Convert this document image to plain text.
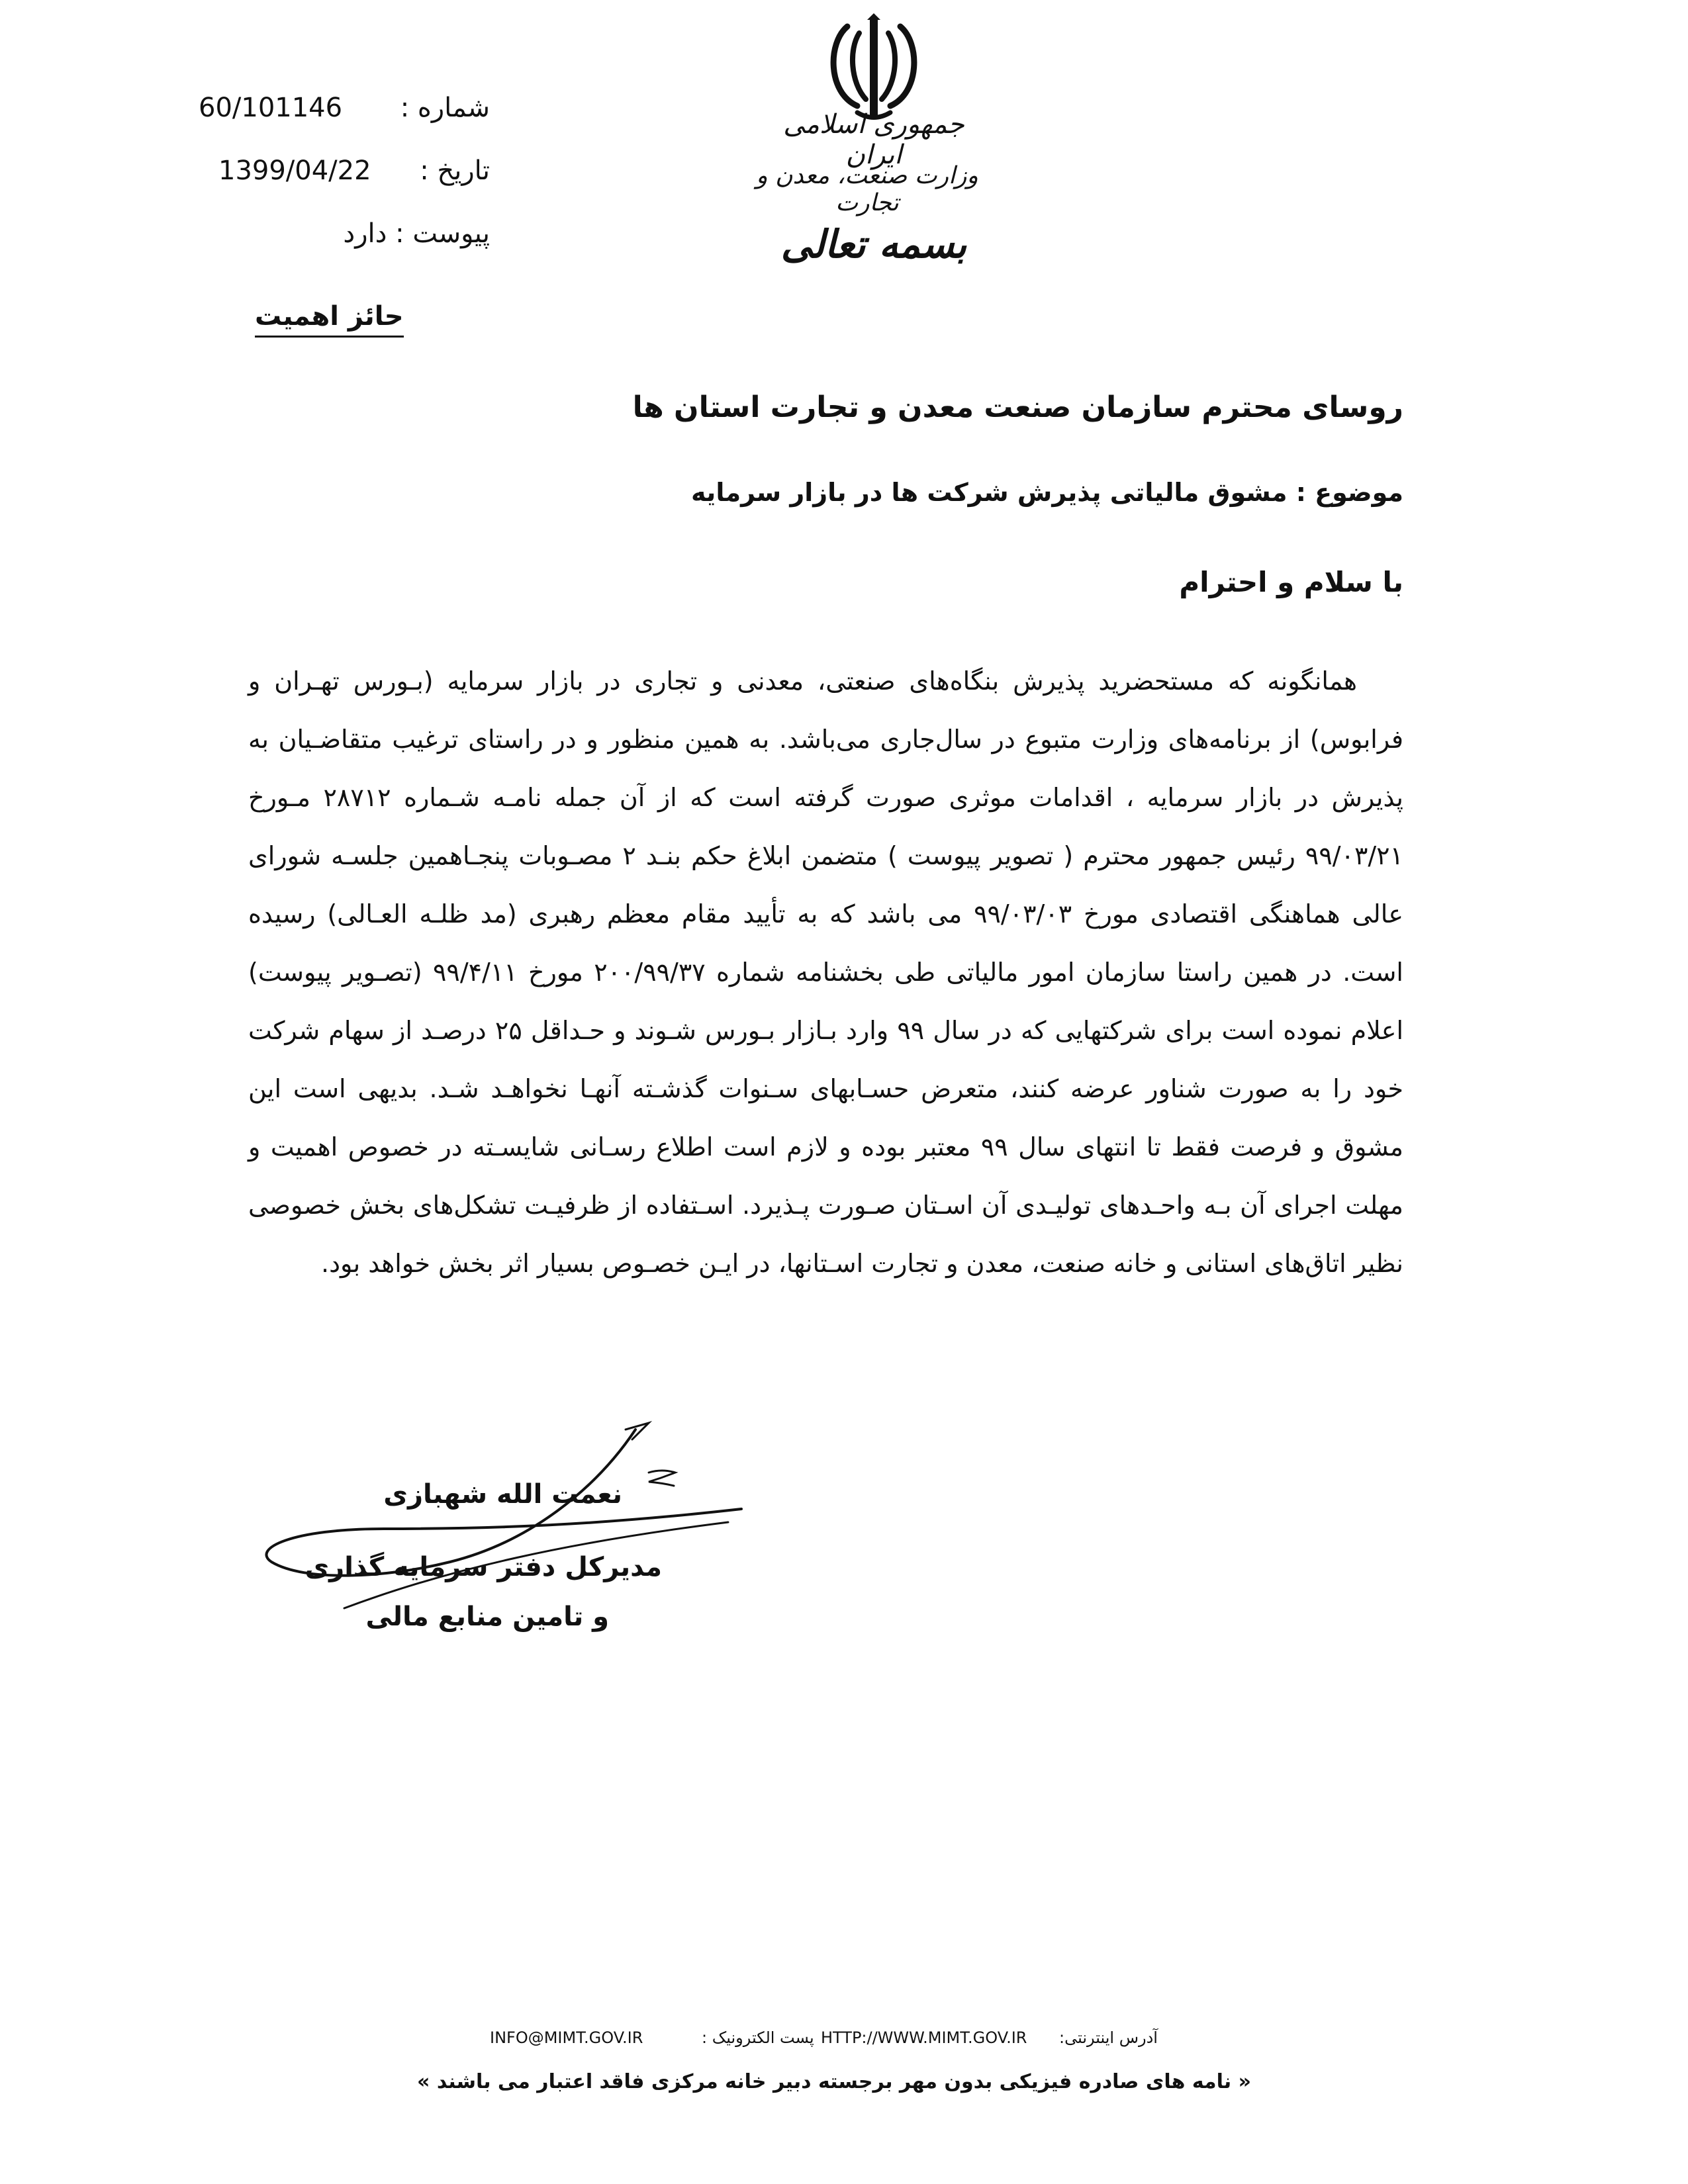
جمهوری اسلامی ایران
وزارت صنعت، معدن و تجارت
بسمه تعالی
60/101146 شماره :
1399/04/22 تاریخ :
پیوست : دارد
حائز اهمیت
روسای محترم سازمان صنعت معدن و تجارت استان ها
موضوع : مشوق مالیاتی پذیرش شرکت ها در بازار سرمایه
با سلام و احترام
همانگونه که مستحضرید پذیرش بنگاه‌های صنعتی، معدنی و تجاری در بازار سرمایه (بـورس تهـران و فرابوس) از برنامه‌های وزارت متبوع در سال‌جاری می‌باشد. به همین منظور و در راستای ترغیب متقاضـیان به پذیرش در بازار سرمایه ، اقدامات موثری صورت گرفته است که از آن جمله نامـه شـماره ۲۸۷۱۲ مـورخ ۹۹/۰۳/۲۱ رئیس جمهور محترم ( تصویر پیوست ) متضمن ابلاغ حکم بنـد ۲ مصـوبات پنجـاهمین جلسـه شورای عالی هماهنگی اقتصادی مورخ ۹۹/۰۳/۰۳ می باشد که به تأیید مقام معظم رهبری (مد ظلـه العـالی) رسیده است. در همین راستا سازمان امور مالیاتی طی بخشنامه شماره ۲۰۰/۹۹/۳۷ مورخ ۹۹/۴/۱۱ (تصـویر پیوست) اعلام نموده است برای شرکتهایی که در سال ۹۹ وارد بـازار بـورس شـوند و حـداقل ۲۵ درصـد از سهام شرکت خود را به صورت شناور عرضه کنند، متعرض حسـابهای سـنوات گذشـته آنهـا نخواهـد شـد. بدیهی است این مشوق و فرصت فقط تا انتهای سال ۹۹ معتبر بوده و لازم است اطلاع رسـانی شایسـته در خصوص اهمیت و مهلت اجرای آن بـه واحـدهای تولیـدی آن اسـتان صـورت پـذیرد. اسـتفاده از ظرفیـت تشکل‌های بخش خصوصی نظیر اتاق‌های استانی و خانه صنعت، معدن و تجارت اسـتانها، در ایـن خصـوص بسیار اثر بخش خواهد بود.
نعمت الله شهبازی
مدیرکل دفتر سرمایه گذاری
و تامین منابع مالی
آدرس اینترنتی:
HTTP://WWW.MIMT.GOV.IR
پست الکترونیک :
INFO@MIMT.GOV.IR
« نامه های صادره فیزیکی بدون مهر برجسته دبیر خانه مرکزی فاقد اعتبار می باشند »
